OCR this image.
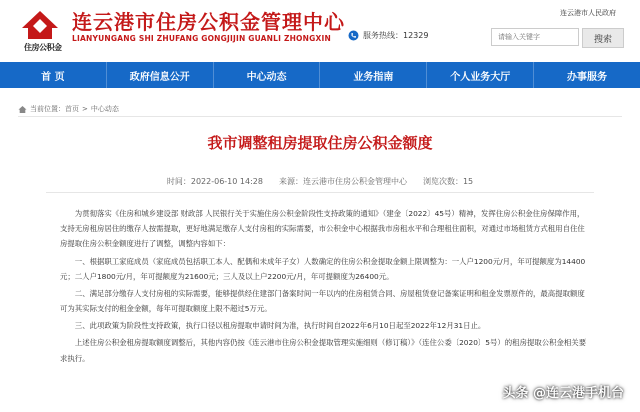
住房公积金
连云港市住房公积金管理中心
LIANYUNGANG SHI ZHUFANG GONGJIJIN GUANLI ZHONGXIN
连云港市人民政府
服务热线：12329
请输入关键字	搜索
首 页	政府信息公开	中心动态	业务指南	个人业务大厅	办事服务
当前位置：首页 > 中心动态
我市调整租房提取住房公积金额度
时间：2022-06-10 14:28　　来源：连云港市住房公积金管理中心　　浏览次数：15

为贯彻落实《住房和城乡建设部 财政部 人民银行关于实施住房公积金阶段性支持政策的通知》（建金〔2022〕45号）精神，发挥住房公积金住房保障作用，支持无房租房居住的缴存人按需提取，更好地满足缴存人支付房租的实际需要，市公积金中心根据我市房租水平和合理租住面积，对通过市场租赁方式租用自住住房提取住房公积金额度进行了调整，调整内容如下：

一、根据职工家庭成员（家庭成员包括职工本人、配偶和未成年子女）人数确定的住房公积金提取金额上限调整为：一人户1200元/月，年可提额度为14400元；二人户1800元/月，年可提额度为21600元；三人及以上户2200元/月，年可提额度为26400元。

二、满足部分缴存人支付房租的实际需要，能够提供经住建部门备案时间一年以内的住房租赁合同、房屋租赁登记备案证明和租金发票原件的，最高提取额度可为其实际支付的租金金额，每年可提取额度上限不超过5万元。

三、此项政策为阶段性支持政策，执行口径以租房提取申请时间为准，执行时间自2022年6月10日起至2022年12月31日止。

上述住房公积金租房提取额度调整后，其他内容仍按《连云港市住房公积金提取管理实施细则（修订稿）》（连住公委〔2020〕5号）的租房提取公积金相关要求执行。

头条 @连云港手机台
